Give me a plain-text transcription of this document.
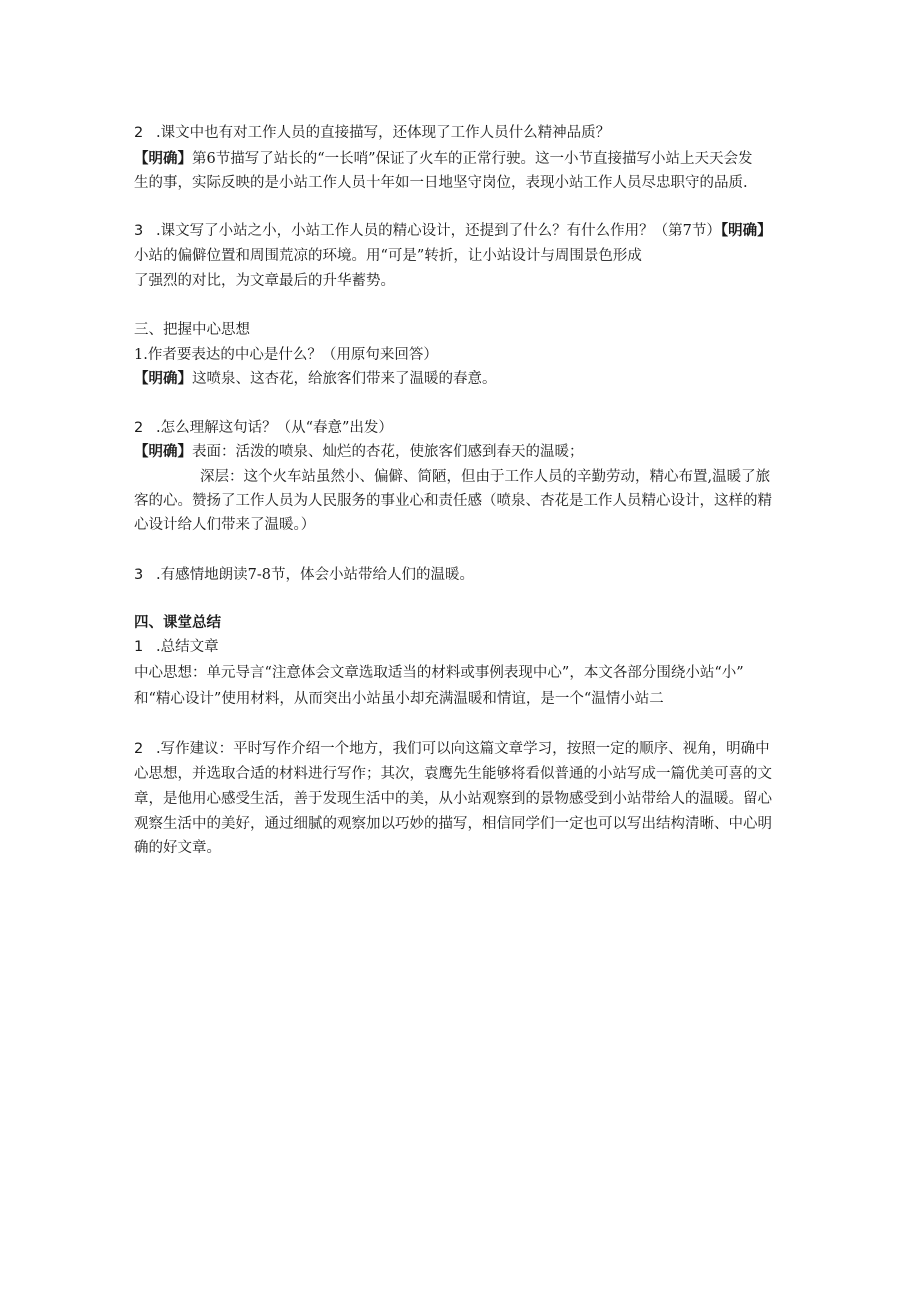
2 .课文中也有对工作人员的直接描写，还体现了工作人员什么精神品质？
【明确】第6节描写了站长的“一长哨”保证了火车的正常行驶。这一小节直接描写小站上天天会发
生的事，实际反映的是小站工作人员十年如一日地坚守岗位，表现小站工作人员尽忠职守的品质.
3 .课文写了小站之小，小站工作人员的精心设计，还提到了什么？有什么作用？（第7节）【明确】
小站的偏僻位置和周围荒凉的环境。用“可是”转折，让小站设计与周围景色形成
了强烈的对比，为文章最后的升华蓄势。
三、把握中心思想
1.作者要表达的中心是什么？（用原句来回答）
【明确】这喷泉、这杏花，给旅客们带来了温暖的春意。
2 .怎么理解这句话？（从“春意”出发）
【明确】表面：活泼的喷泉、灿烂的杏花，使旅客们感到春天的温暖；
深层：这个火车站虽然小、偏僻、简陋，但由于工作人员的辛勤劳动，精心布置,温暖了旅
客的心。赞扬了工作人员为人民服务的事业心和责任感（喷泉、杏花是工作人员精心设计，这样的精
心设计给人们带来了温暖。）
3 .有感情地朗读7-8节，体会小站带给人们的温暖。
四、课堂总结
1 .总结文章
中心思想：单元导言“注意体会文章选取适当的材料或事例表现中心”，本文各部分围绕小站“小”
和“精心设计”使用材料，从而突出小站虽小却充满温暖和情谊，是一个“温情小站二
2 .写作建议：平时写作介绍一个地方，我们可以向这篇文章学习，按照一定的顺序、视角，明确中
心思想，并选取合适的材料进行写作；其次，袁鹰先生能够将看似普通的小站写成一篇优美可喜的文
章，是他用心感受生活，善于发现生活中的美，从小站观察到的景物感受到小站带给人的温暖。留心
观察生活中的美好，通过细腻的观察加以巧妙的描写，相信同学们一定也可以写出结构清晰、中心明
确的好文章。
